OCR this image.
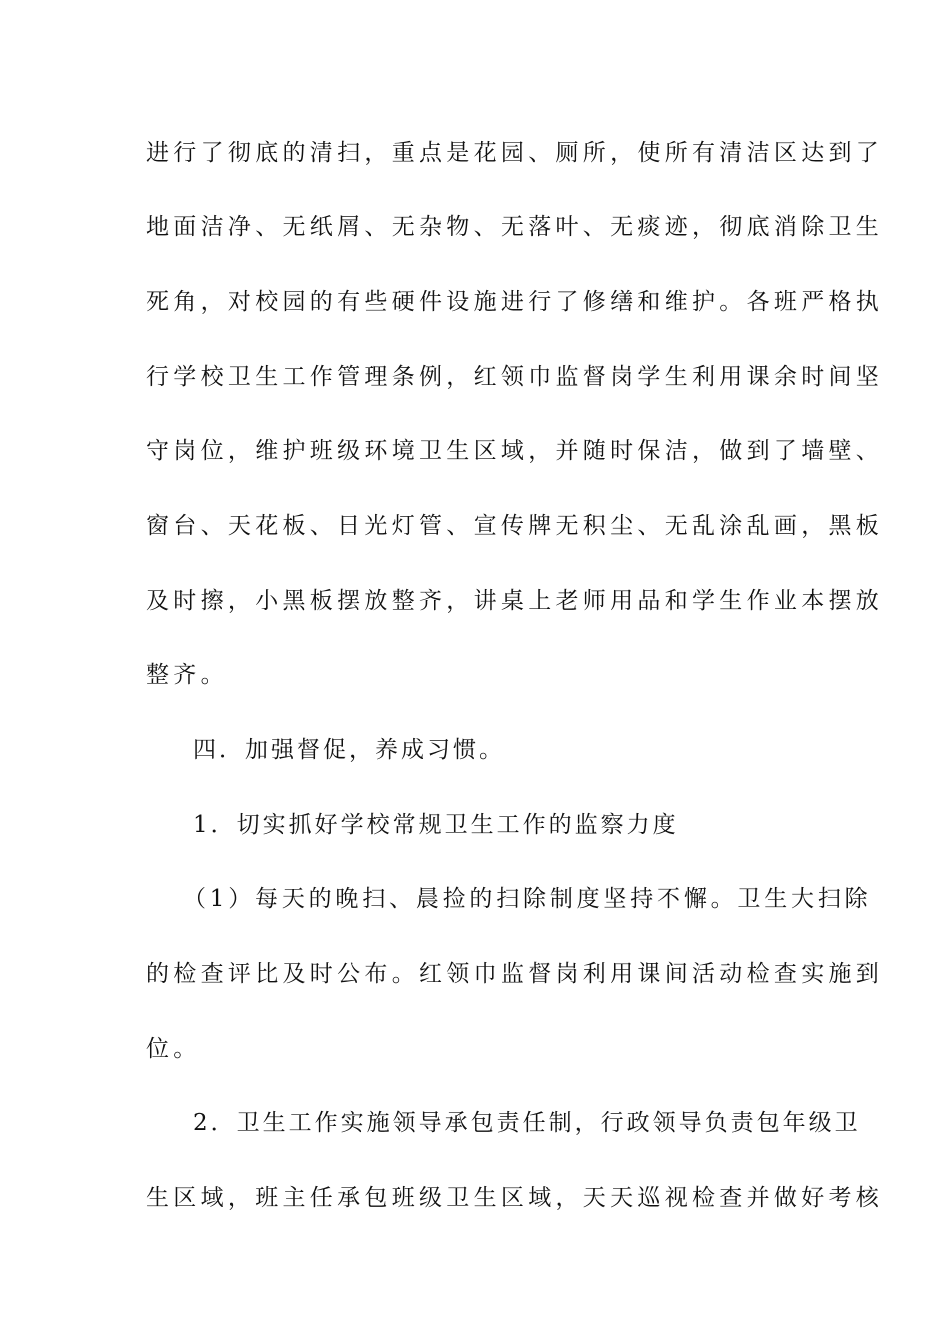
进行了彻底的清扫，重点是花园、厕所，使所有清洁区达到了
地面洁净、无纸屑、无杂物、无落叶、无痰迹，彻底消除卫生
死角，对校园的有些硬件设施进行了修缮和维护。各班严格执
行学校卫生工作管理条例，红领巾监督岗学生利用课余时间坚
守岗位，维护班级环境卫生区域，并随时保洁，做到了墙壁、
窗台、天花板、日光灯管、宣传牌无积尘、无乱涂乱画，黑板
及时擦，小黑板摆放整齐，讲桌上老师用品和学生作业本摆放
整齐。
四．加强督促，养成习惯。
1．切实抓好学校常规卫生工作的监察力度
（1）每天的晚扫、晨捡的扫除制度坚持不懈。卫生大扫除
的检查评比及时公布。红领巾监督岗利用课间活动检查实施到
位。
2．卫生工作实施领导承包责任制，行政领导负责包年级卫
生区域，班主任承包班级卫生区域，天天巡视检查并做好考核
